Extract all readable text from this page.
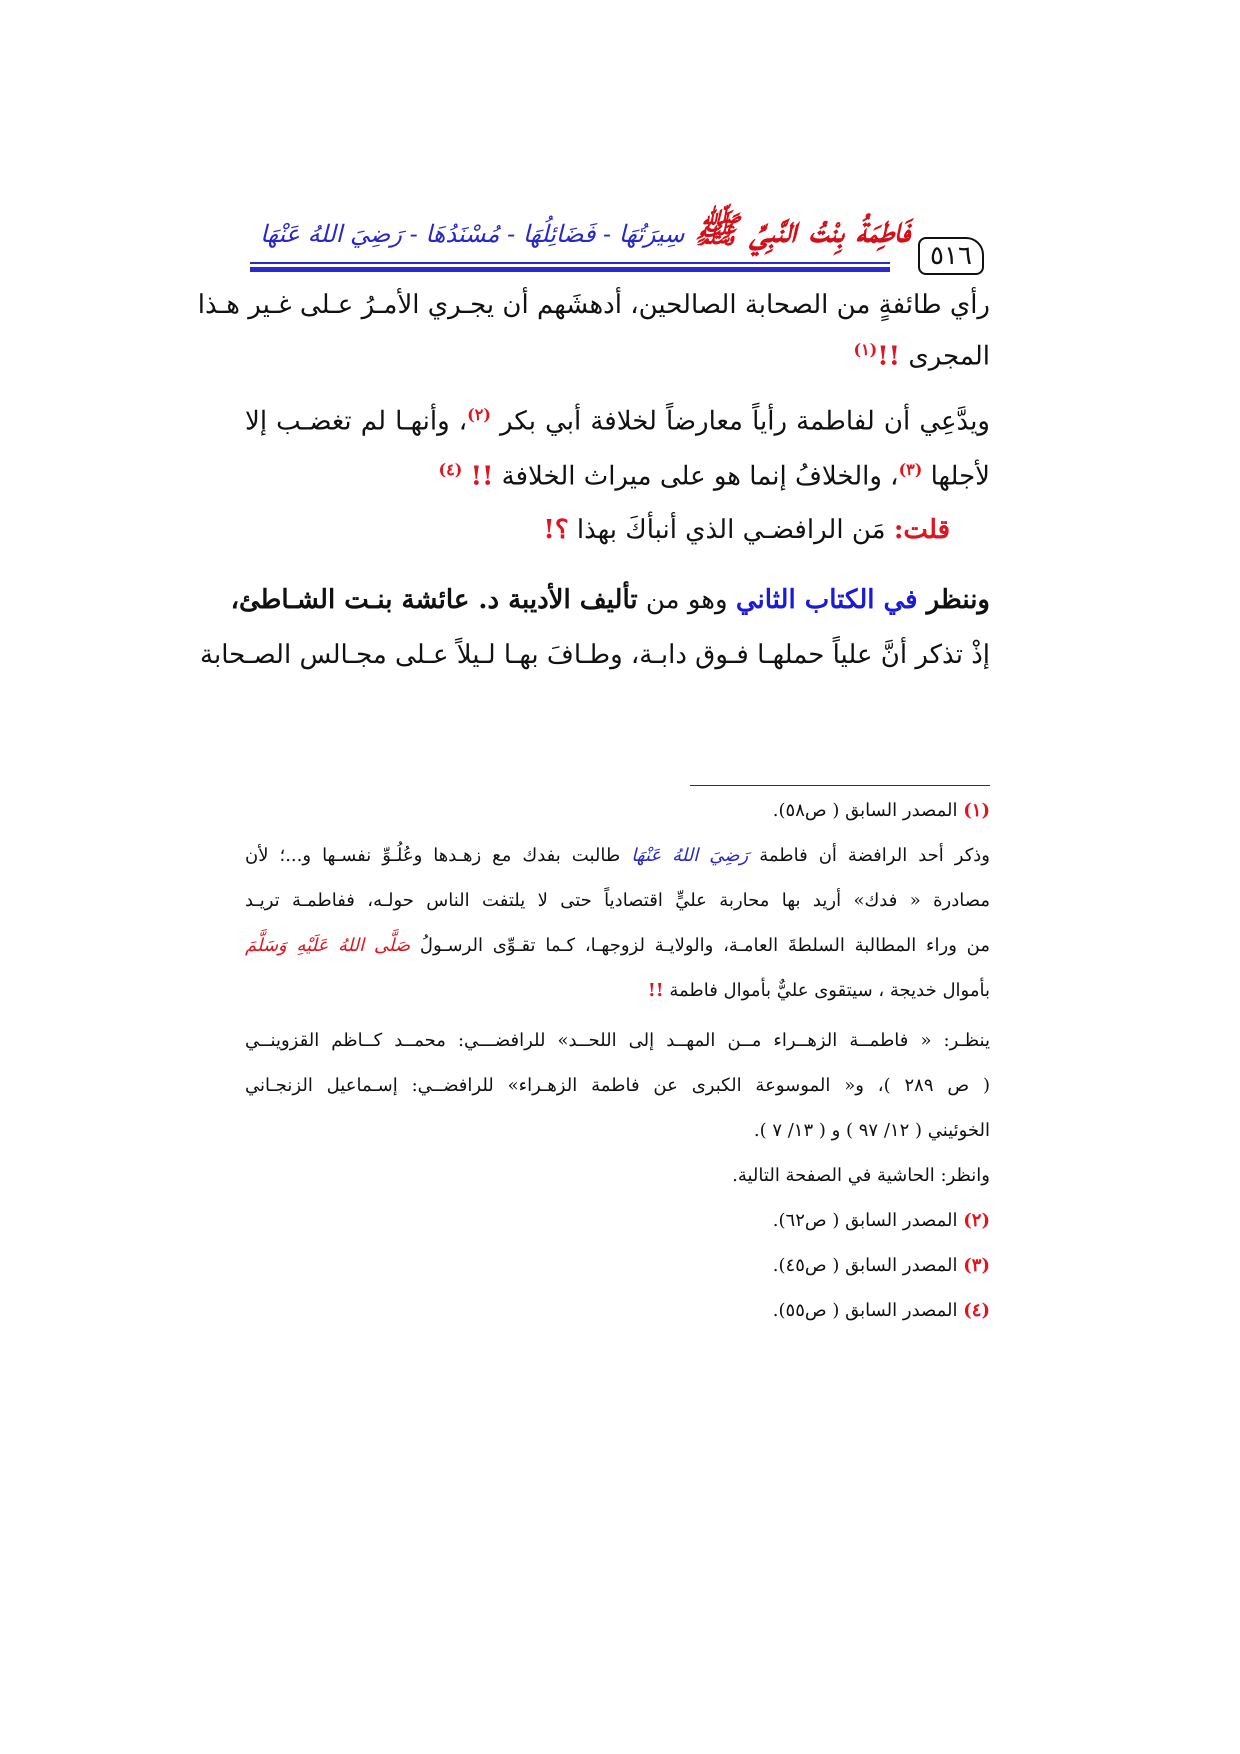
٥١٦
فَاطِمَةُ بِنْتُ النَّبِيِّ ﷺ سِيرَتُهَا - فَضَائِلُهَا - مُسْنَدُهَا - رَضِيَ اللهُ عَنْهَا
رأي طائفةٍ من الصحابة الصالحين، أدهشَهم أن يجـري الأمـرُ عـلى غـير هـذا
المجرى !!$^{(١)}$
ويدَّعِي أن لفاطمة رأياً معارضاً لخلافة أبي بكر $^{(٢)}$، وأنهـا لم تغضـب إلا
لأجلها $^{(٣)}$، والخلافُ إنما هو على ميراث الخلافة !! $^{(٤)}$
قلت: مَن الرافضـي الذي أنبأكَ بهذا ؟!
وننظر في الكتاب الثاني وهو من تأليف الأديبة د. عائشة بنـت الشـاطئ،
إذْ تذكر أنَّ علياً حملهـا فـوق دابـة، وطـافَ بهـا لـيلاً عـلى مجـالس الصـحابة
(١) المصدر السابق ( ص٥٨).
وذكر أحد الرافضة أن فاطمة رَضِيَ اللهُ عَنْهَا طالبت بفدك مع زهـدها وعُلُـوِّ نفسـها و...؛ لأن
مصادرة « فدك» أريد بها محاربة عليٍّ اقتصادياً حتى لا يلتفت الناس حولـه، ففاطمـة تريـد
من وراء المطالبة السلطةَ العامـة، والولايـة لزوجهـا، كـما تقـوِّى الرسـولُ صَلَّى اللهُ عَلَيْهِ وَسَلَّمَ
بأموال خديجة ، سيتقوى عليٌّ بأموال فاطمة !!
ينظـر: « فاطمــة الزهــراء مــن المهــد إلى اللحــد» للرافضـــي: محمــد كــاظم القزوينــي
( ص ٢٨٩ )، و« الموسوعة الكبرى عن فاطمة الزهـراء» للرافضــي: إسـماعيل الزنجـاني
الخوئيني ( ١٢/ ٩٧ ) و ( ١٣/ ٧ ).
وانظر: الحاشية في الصفحة التالية.
(٢) المصدر السابق ( ص٦٢).
(٣) المصدر السابق ( ص٤٥).
(٤) المصدر السابق ( ص٥٥).
